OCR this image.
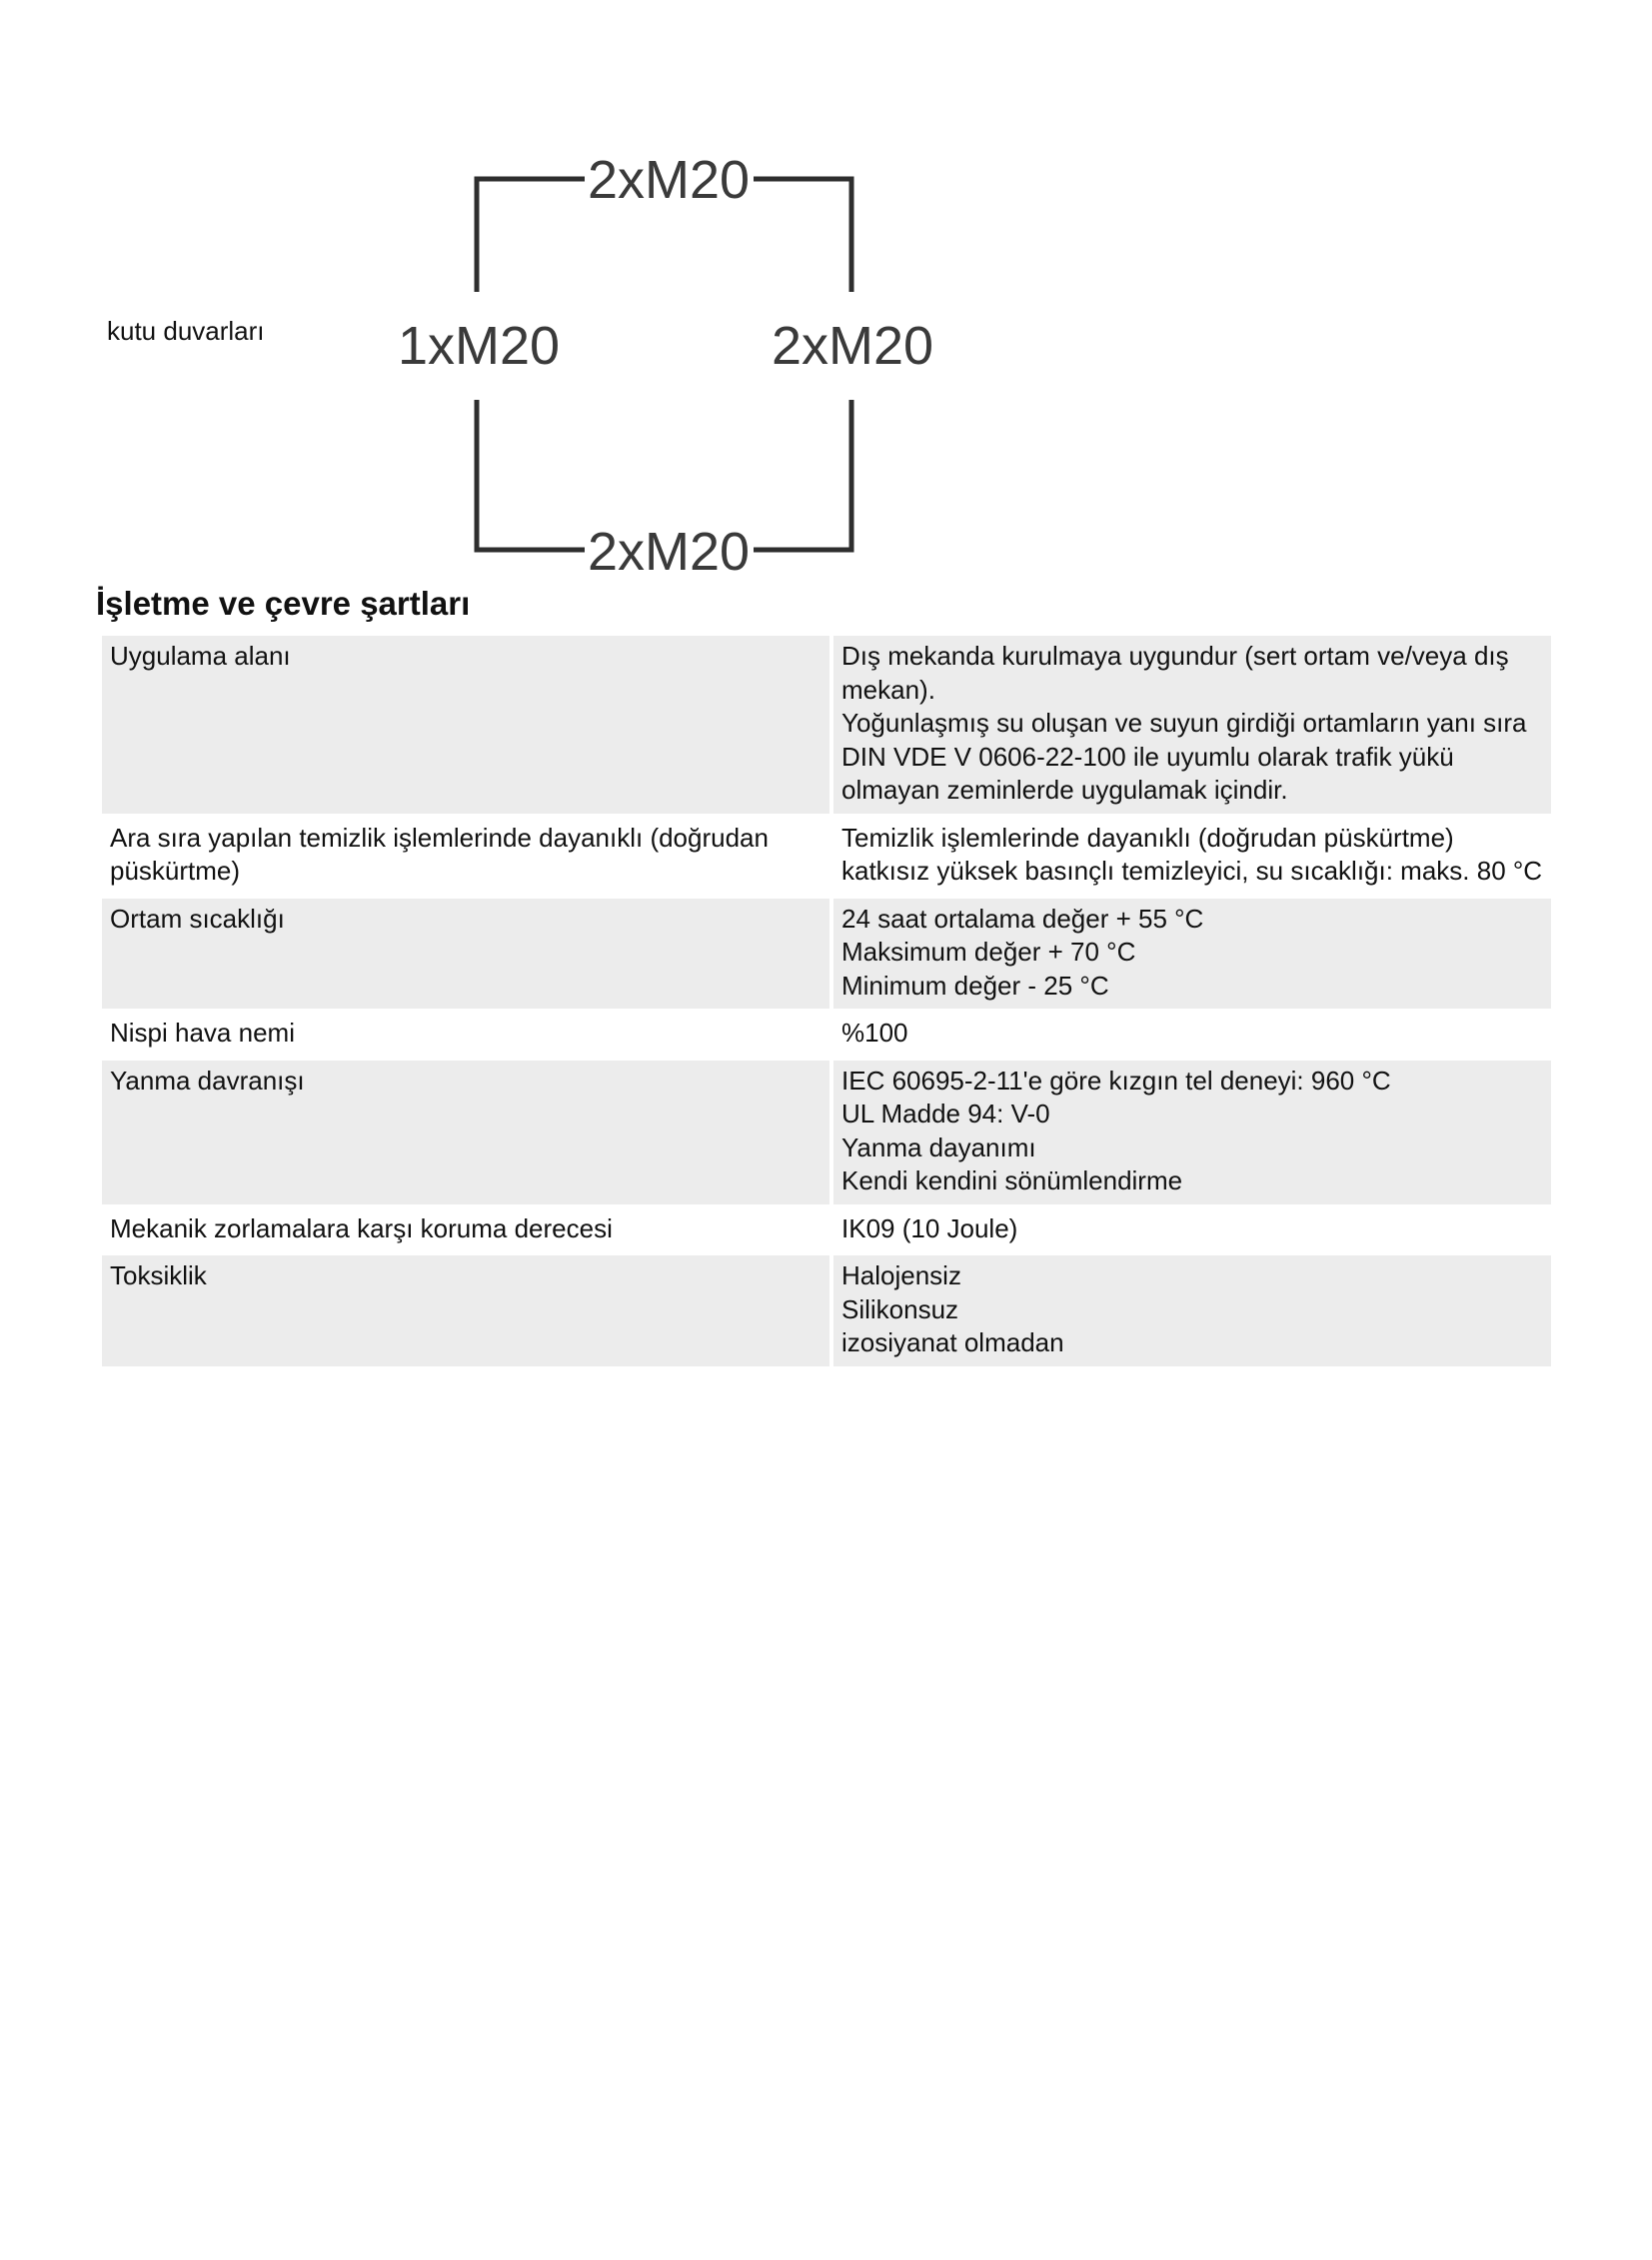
kutu duvarları
2xM20
1xM20	2xM20
2xM20
İşletme ve çevre şartları
Uygulama alanı	Dış mekanda kurulmaya uygundur (sert ortam ve/veya dış mekan).
Yoğunlaşmış su oluşan ve suyun girdiği ortamların yanı sıra DIN VDE V 0606-22-100 ile uyumlu olarak trafik yükü olmayan zeminlerde uygulamak içindir.

Ara sıra yapılan temizlik işlemlerinde dayanıklı (doğrudan püskürtme)	Temizlik işlemlerinde dayanıklı (doğrudan püskürtme) katkısız yüksek basınçlı temizleyici, su sıcaklığı: maks. 80 °C

Ortam sıcaklığı	24 saat ortalama değer + 55 °C
Maksimum değer + 70 °C
Minimum değer - 25 °C

Nispi hava nemi	%100

Yanma davranışı	IEC 60695-2-11'e göre kızgın tel deneyi: 960 °C
UL Madde 94: V-0
Yanma dayanımı
Kendi kendini sönümlendirme

Mekanik zorlamalara karşı koruma derecesi	IK09 (10 Joule)

Toksiklik	Halojensiz
Silikonsuz
izosiyanat olmadan
